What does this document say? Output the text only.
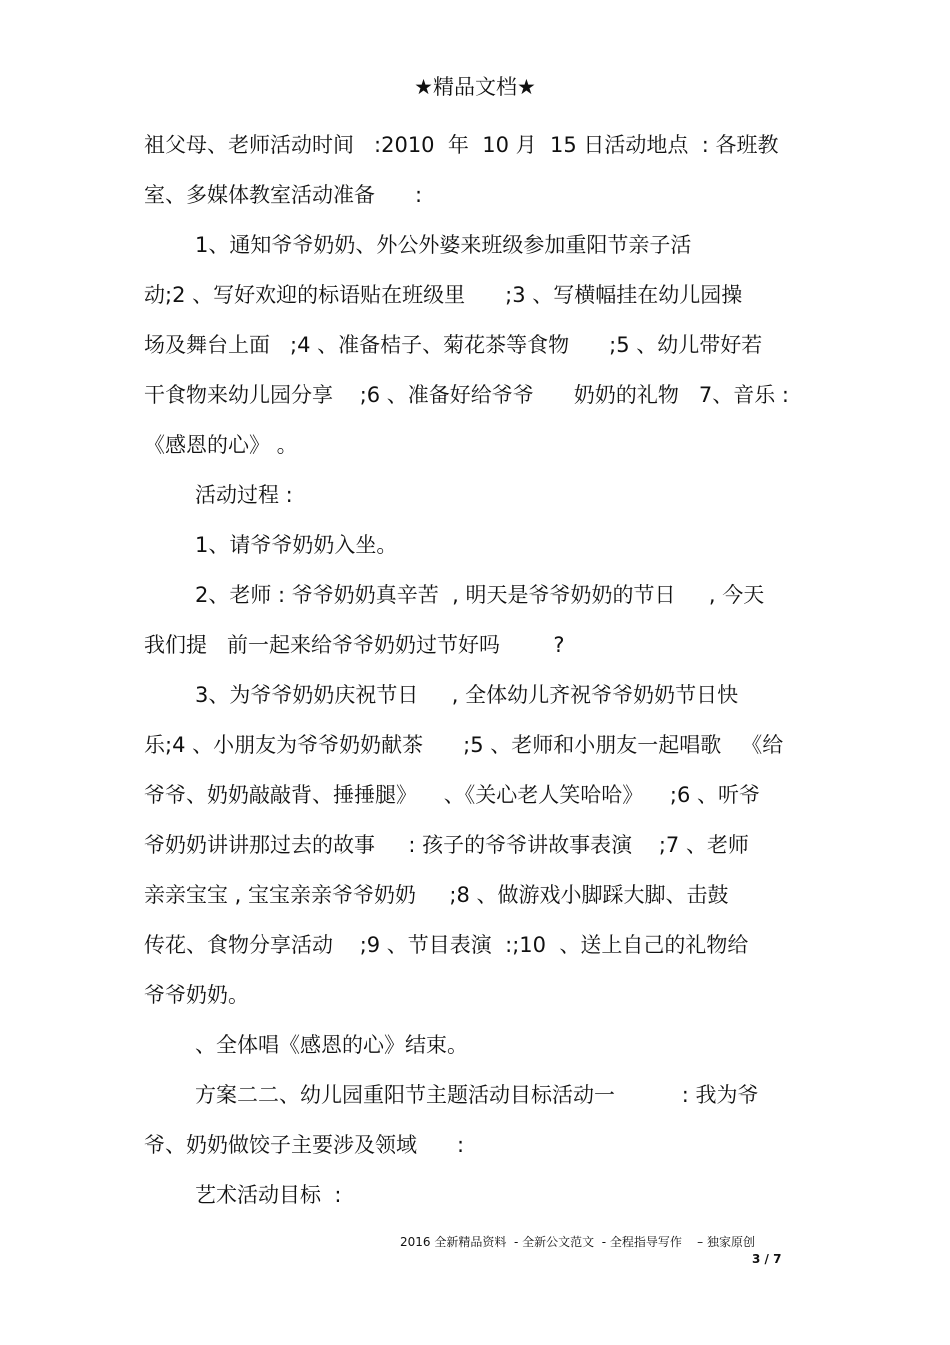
★精品文档★
祖父母、老师活动时间   :2010  年  10 月  15 日活动地点  : 各班教
室、多媒体教室活动准备      :
1、通知爷爷奶奶、外公外婆来班级参加重阳节亲子活
动;2 、写好欢迎的标语贴在班级里      ;3 、写横幅挂在幼儿园操
场及舞台上面   ;4 、准备桔子、菊花茶等食物      ;5 、幼儿带好若
干食物来幼儿园分享    ;6 、准备好给爷爷      奶奶的礼物   7、音乐 :
《感恩的心》 。
活动过程 :
1、请爷爷奶奶入坐。
2、老师 : 爷爷奶奶真辛苦  , 明天是爷爷奶奶的节日     , 今天
我们提   前一起来给爷爷奶奶过节好吗        ?
3、为爷爷奶奶庆祝节日     , 全体幼儿齐祝爷爷奶奶节日快
乐;4 、小朋友为爷爷奶奶献茶      ;5 、老师和小朋友一起唱歌   《给
爷爷、奶奶敲敲背、捶捶腿》    、《关心老人笑哈哈》    ;6 、听爷
爷奶奶讲讲那过去的故事     : 孩子的爷爷讲故事表演    ;7 、老师
亲亲宝宝 , 宝宝亲亲爷爷奶奶     ;8 、做游戏小脚踩大脚、击鼓
传花、食物分享活动    ;9 、节目表演  :;10  、送上自己的礼物给
爷爷奶奶。
、全体唱《感恩的心》结束。
方案二二、幼儿园重阳节主题活动目标活动一          : 我为爷
爷、奶奶做饺子主要涉及领域      :
艺术活动目标  :
2016 全新精品资料  - 全新公文范文  - 全程指导写作    – 独家原创
3 / 7
